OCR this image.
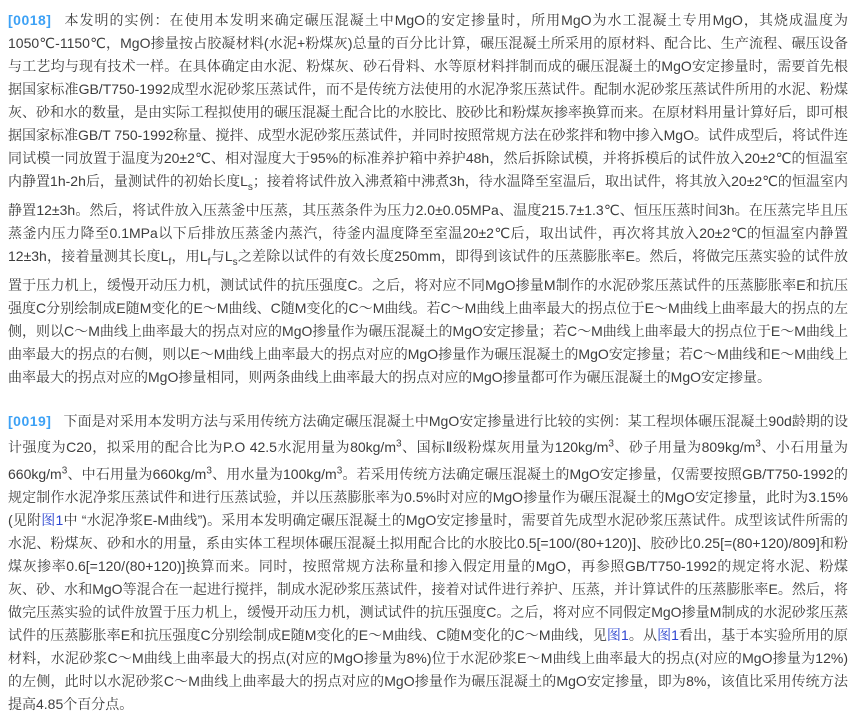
[0018] 本发明的实例：在使用本发明来确定碾压混凝土中MgO的安定掺量时，所用MgO为水工混凝土专用MgO，其烧成温度为1050℃-1150℃，MgO掺量按占胶凝材料(水泥+粉煤灰)总量的百分比计算，碾压混凝土所采用的原材料、配合比、生产流程、碾压设备与工艺均与现有技术一样。在具体确定由水泥、粉煤灰、砂石骨料、水等原材料拌制而成的碾压混凝土的MgO安定掺量时，需要首先根据国家标准GB/T750-1992成型水泥砂浆压蒸试件，而不是传统方法使用的水泥净浆压蒸试件。配制水泥砂浆压蒸试件所用的水泥、粉煤灰、砂和水的数量，是由实际工程拟使用的碾压混凝土配合比的水胶比、胶砂比和粉煤灰掺率换算而来。在原材料用量计算好后，即可根据国家标准GB/T 750-1992称量、搅拌、成型水泥砂浆压蒸试件，并同时按照常规方法在砂浆拌和物中掺入MgO。试件成型后，将试件连同试模一同放置于温度为20±2℃、相对湿度大于95%的标准养护箱中养护48h，然后拆除试模，并将拆模后的试件放入20±2℃的恒温室内静置1h-2h后，量测试件的初始长度$L_s$；接着将试件放入沸煮箱中沸煮3h，待水温降至室温后，取出试件，将其放入20±2℃的恒温室内静置12±3h。然后，将试件放入压蒸釜中压蒸，其压蒸条件为压力2.0±0.05MPa、温度215.7±1.3℃、恒压压蒸时间3h。在压蒸完毕且压蒸釜内压力降至0.1MPa以下后排放压蒸釜内蒸汽，待釜内温度降至室温20±2℃后，取出试件，再次将其放入20±2℃的恒温室内静置12±3h，接着量测其长度$L_f$，用$L_f$与$L_s$之差除以试件的有效长度250mm，即得到该试件的压蒸膨胀率E。然后，将做完压蒸实验的试件放置于压力机上，缓慢开动压力机，测试试件的抗压强度C。之后，将对应不同MgO掺量M制作的水泥砂浆压蒸试件的压蒸膨胀率E和抗压强度C分别绘制成E随M变化的E～M曲线、C随M变化的C～M曲线。若C～M曲线上曲率最大的拐点位于E～M曲线上曲率最大的拐点的左侧，则以C～M曲线上曲率最大的拐点对应的MgO掺量作为碾压混凝土的MgO安定掺量；若C～M曲线上曲率最大的拐点位于E～M曲线上曲率最大的拐点的右侧，则以E～M曲线上曲率最大的拐点对应的MgO掺量作为碾压混凝土的MgO安定掺量；若C～M曲线和E～M曲线上曲率最大的拐点对应的MgO掺量相同，则两条曲线上曲率最大的拐点对应的MgO掺量都可作为碾压混凝土的MgO安定掺量。

[0019] 下面是对采用本发明方法与采用传统方法确定碾压混凝土中MgO安定掺量进行比较的实例：某工程坝体碾压混凝土90d龄期的设计强度为C20，拟采用的配合比为P.O 42.5水泥用量为$80kg/m^3$、国标Ⅱ级粉煤灰用量为$120kg/m^3$、砂子用量为$809kg/m^3$、小石用量为$660kg/m^3$、中石用量为$660kg/m^3$、用水量为$100kg/m^3$。若采用传统方法确定碾压混凝土的MgO安定掺量，仅需要按照GB/T750-1992的规定制作水泥净浆压蒸试件和进行压蒸试验，并以压蒸膨胀率为0.5%时对应的MgO掺量作为碾压混凝土的MgO安定掺量，此时为3.15%(见附图1中 “水泥净浆E-M曲线”)。采用本发明确定碾压混凝土的MgO安定掺量时，需要首先成型水泥砂浆压蒸试件。成型该试件所需的水泥、粉煤灰、砂和水的用量，系由实体工程坝体碾压混凝土拟用配合比的水胶比0.5[=100/(80+120)]、胶砂比0.25[=(80+120)/809]和粉煤灰掺率0.6[=120/(80+120)]换算而来。同时，按照常规方法称量和掺入假定用量的MgO，再参照GB/T750-1992的规定将水泥、粉煤灰、砂、水和MgO等混合在一起进行搅拌，制成水泥砂浆压蒸试件，接着对试件进行养护、压蒸，并计算试件的压蒸膨胀率E。然后，将做完压蒸实验的试件放置于压力机上，缓慢开动压力机，测试试件的抗压强度C。之后，将对应不同假定MgO掺量M制成的水泥砂浆压蒸试件的压蒸膨胀率E和抗压强度C分别绘制成E随M变化的E～M曲线、C随M变化的C～M曲线，见图1。从图1看出，基于本实验所用的原材料，水泥砂浆C～M曲线上曲率最大的拐点(对应的MgO掺量为8%)位于水泥砂浆E～M曲线上曲率最大的拐点(对应的MgO掺量为12%)的左侧，此时以水泥砂浆C～M曲线上曲率最大的拐点对应的MgO掺量作为碾压混凝土的MgO安定掺量，即为8%，该值比采用传统方法提高4.85个百分点。
